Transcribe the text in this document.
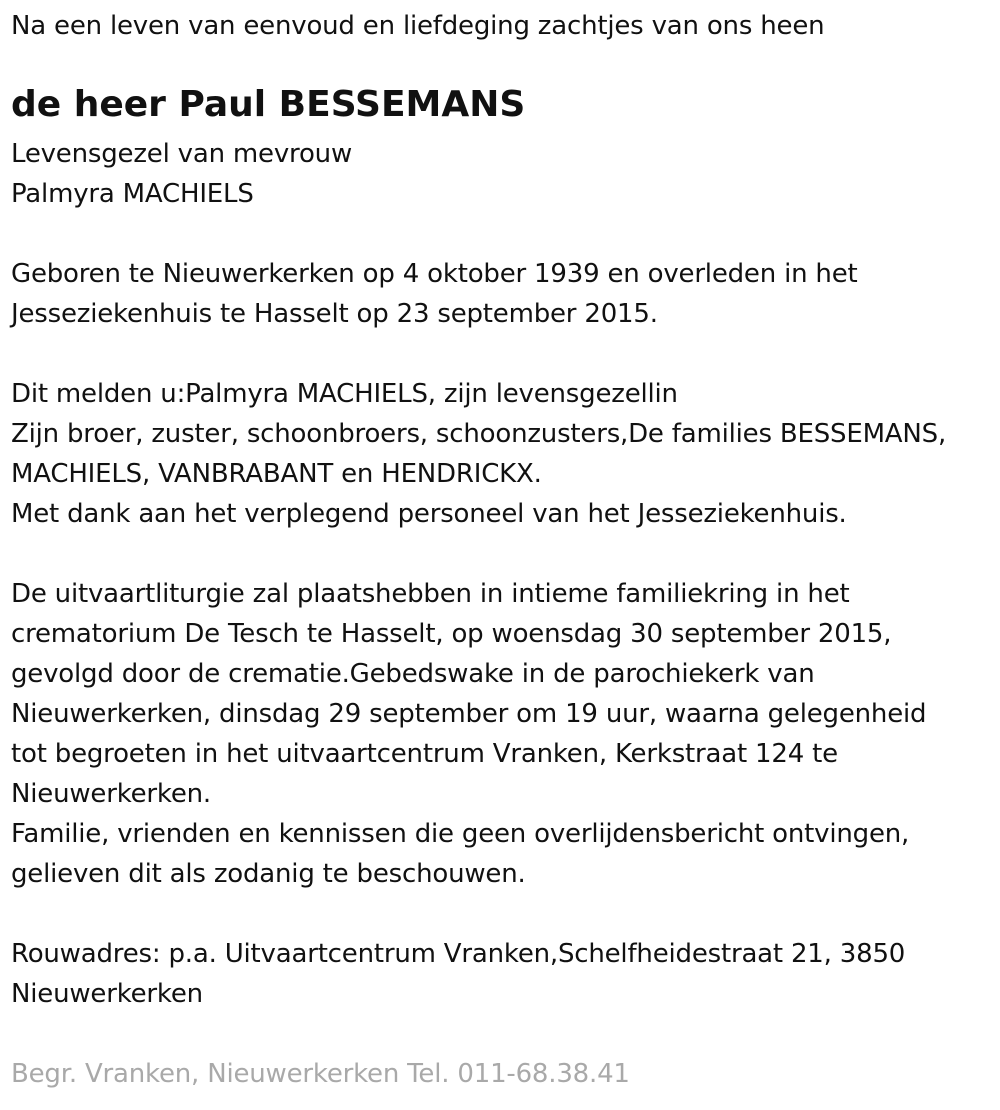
Na een leven van eenvoud en liefdeging zachtjes van ons heen
de heer Paul BESSEMANS
Levensgezel van mevrouw
Palmyra MACHIELS
Geboren te Nieuwerkerken op 4 oktober 1939 en overleden in het
Jesseziekenhuis te Hasselt op 23 september 2015.
Dit melden u:Palmyra MACHIELS, zijn levensgezellin
Zijn broer, zuster, schoonbroers, schoonzusters,De families BESSEMANS,
MACHIELS, VANBRABANT en HENDRICKX.
Met dank aan het verplegend personeel van het Jesseziekenhuis.
De uitvaartliturgie zal plaatshebben in intieme familiekring in het
crematorium De Tesch te Hasselt, op woensdag 30 september 2015,
gevolgd door de crematie.Gebedswake in de parochiekerk van
Nieuwerkerken, dinsdag 29 september om 19 uur, waarna gelegenheid
tot begroeten in het uitvaartcentrum Vranken, Kerkstraat 124 te
Nieuwerkerken.
Familie, vrienden en kennissen die geen overlijdensbericht ontvingen,
gelieven dit als zodanig te beschouwen.
Rouwadres: p.a. Uitvaartcentrum Vranken,Schelfheidestraat 21, 3850
Nieuwerkerken
Begr. Vranken, Nieuwerkerken Tel. 011-68.38.41
